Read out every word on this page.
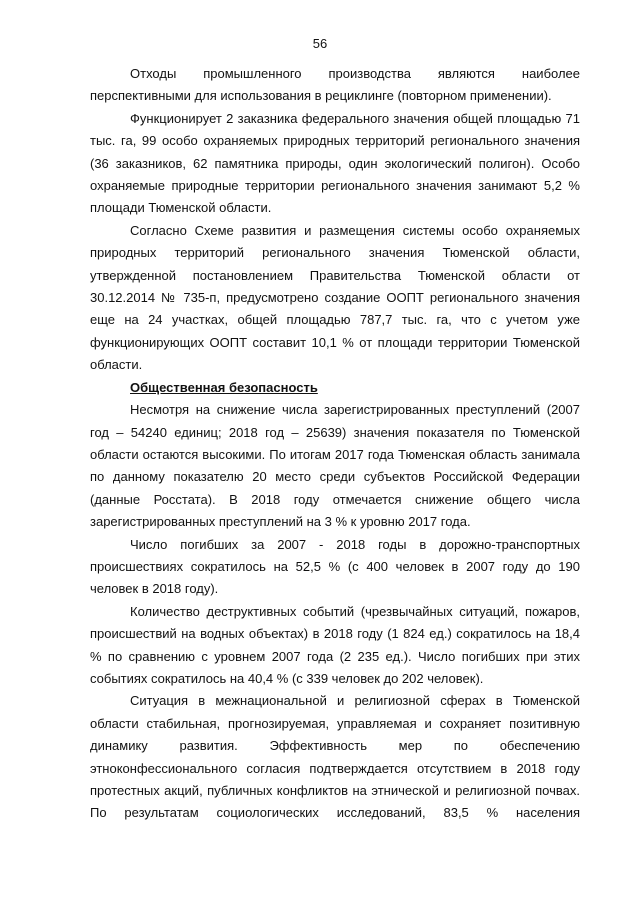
56

Отходы промышленного производства являются наиболее перспективными для использования в рециклинге (повторном применении).

Функционирует 2 заказника федерального значения общей площадью 71 тыс. га, 99 особо охраняемых природных территорий регионального значения (36 заказников, 62 памятника природы, один экологический полигон). Особо охраняемые природные территории регионального значения занимают 5,2 % площади Тюменской области.

Согласно Схеме развития и размещения системы особо охраняемых природных территорий регионального значения Тюменской области, утвержденной постановлением Правительства Тюменской области от 30.12.2014 № 735-п, предусмотрено создание ООПТ регионального значения еще на 24 участках, общей площадью 787,7 тыс. га, что с учетом уже функционирующих ООПТ составит 10,1 % от площади территории Тюменской области.

Общественная безопасность

Несмотря на снижение числа зарегистрированных преступлений (2007 год – 54240 единиц; 2018 год – 25639) значения показателя по Тюменской области остаются высокими. По итогам 2017 года Тюменская область занимала по данному показателю 20 место среди субъектов Российской Федерации (данные Росстата). В 2018 году отмечается снижение общего числа зарегистрированных преступлений на 3 % к уровню 2017 года.

Число погибших за 2007 - 2018 годы в дорожно-транспортных происшествиях сократилось на 52,5 % (с 400 человек в 2007 году до 190 человек в 2018 году).

Количество деструктивных событий (чрезвычайных ситуаций, пожаров, происшествий на водных объектах) в 2018 году (1 824 ед.) сократилось на 18,4 % по сравнению с уровнем 2007 года (2 235 ед.). Число погибших при этих событиях сократилось на 40,4 % (с 339 человек до 202 человек).

Ситуация в межнациональной и религиозной сферах в Тюменской области стабильная, прогнозируемая, управляемая и сохраняет позитивную динамику развития. Эффективность мер по обеспечению этноконфессионального согласия подтверждается отсутствием в 2018 году протестных акций, публичных конфликтов на этнической и религиозной почвах. По результатам социологических исследований, 83,5 % населения
